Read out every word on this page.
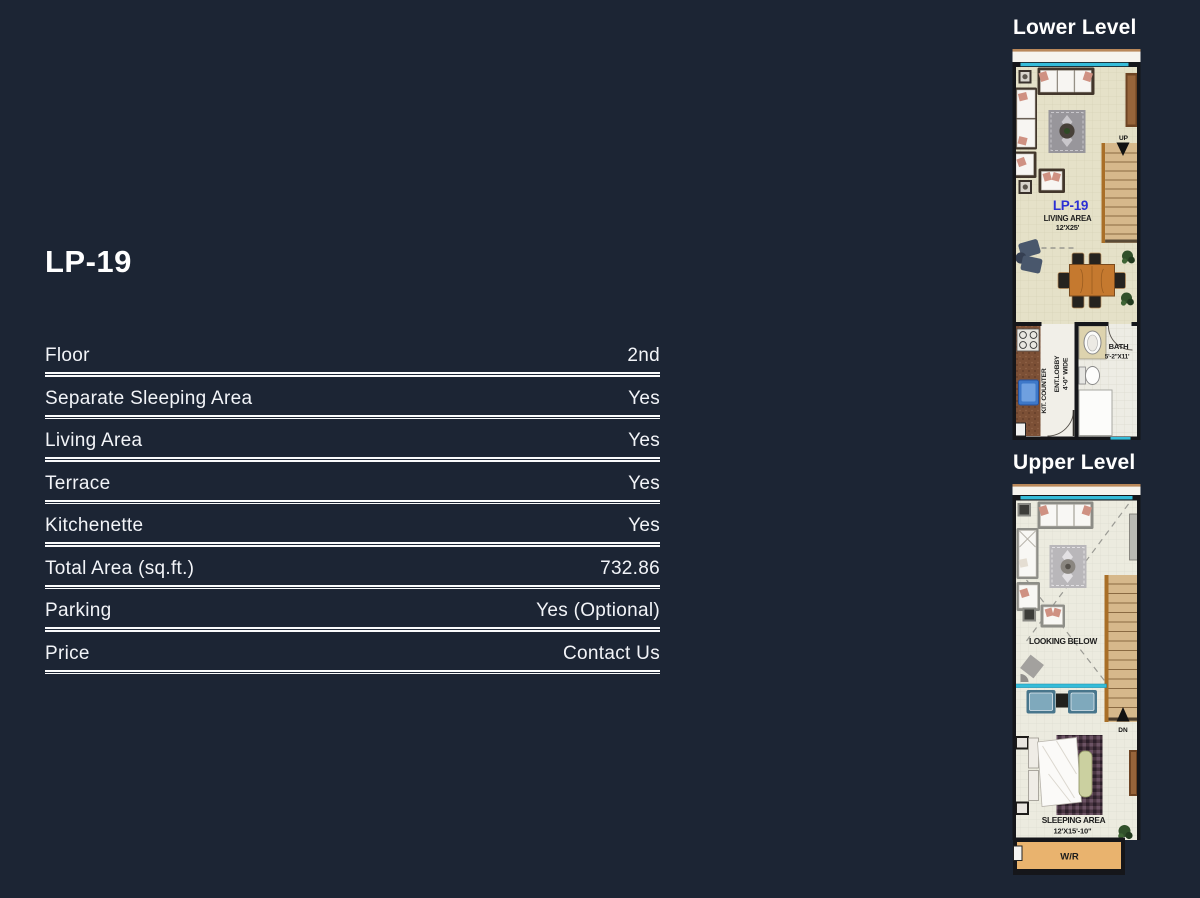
LP-19
Floor	2nd
Separate Sleeping Area	Yes
Living Area	Yes
Terrace	Yes
Kitchenette	Yes
Total Area (sq.ft.)	732.86
Parking	Yes (Optional)
Price	Contact Us
Lower Level
UP
LP-19
LIVING AREA
12'X25'
KIT. COUNTER ENT.LOBBY 4'-0" WIDE
BATH
5'-2"X11'
Upper Level
DN
LOOKING BELOW
SLEEPING AREA
12'X15'-10"
W/R
